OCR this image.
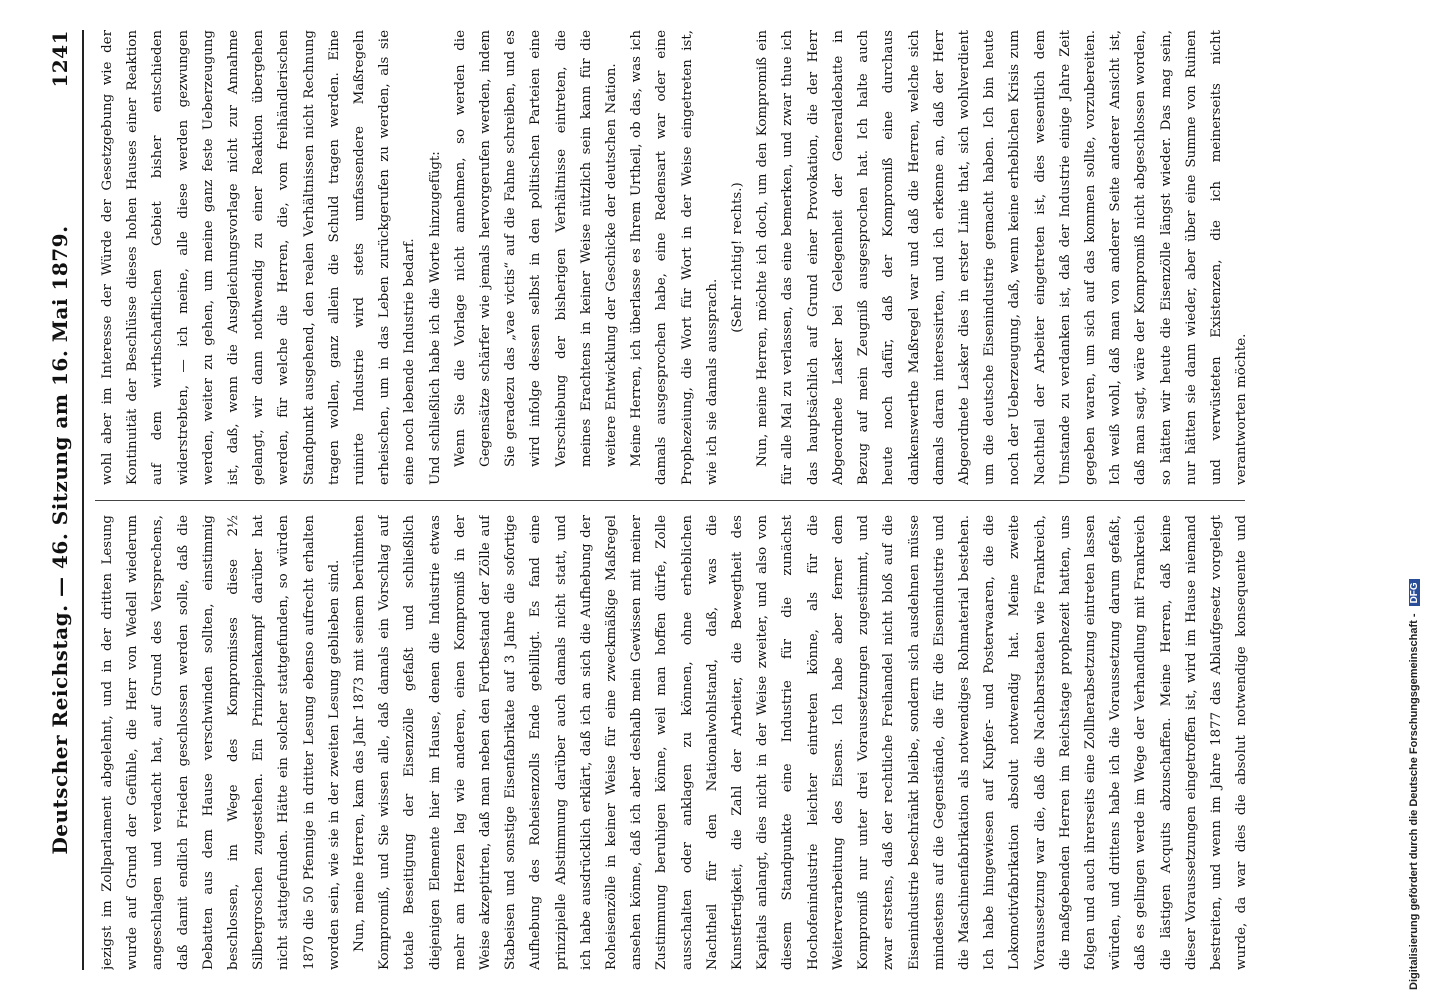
Deutscher Reichstag. — 46. Sitzung am 16. Mai 1879.
1241

jezigst im Zollparlament abgelehnt, und in der dritten Lesung wurde auf Grund der Gefühle, die Herr von Wedell wiederum angeschlagen und verdacht hat, auf Grund des Versprechens, daß damit endlich Frieden geschlossen werden solle, daß die Debatten aus dem Hause verschwinden sollten, einstimmig beschlossen, im Wege des Kompromisses diese 2½ Silbergroschen zugestehen. Ein Prinzipienkampf darüber hat nicht stattgefunden. Hätte ein solcher stattgefunden, so würden 1870 die 50 Pfennige in dritter Lesung ebenso aufrecht erhalten worden sein, wie sie in der zweiten Lesung geblieben sind. Nun, meine Herren, kam das Jahr 1873 mit seinem berühmten Kompromiß, und Sie wissen alle, daß damals ein Vorschlag auf totale Beseitigung der Eisenzölle gefaßt und schließlich diejenigen Elemente hier im Hause, denen die Industrie etwas mehr am Herzen lag wie anderen, einen Kompromiß in der Weise akzeptirten, daß man neben den Fortbestand der Zölle auf Stabeisen und sonstige Eisenfabrikate auf 3 Jahre die sofortige Aufhebung des Roheisenzolls Ende gebilligt. Es fand eine prinzipielle Abstimmung darüber auch damals nicht statt, und ich habe ausdrücklich erklärt, daß ich an sich die Aufhebung der Roheisenzölle in keiner Weise für eine zweckmäßige Maßregel ansehen könne, daß ich aber deshalb mein Gewissen mit meiner Zustimmung beruhigen könne, weil man hoffen dürfe, Zolle ausschalten oder anklagen zu können, ohne erheblichen Nachtheil für den Nationalwohlstand, daß, was die Kunstfertigkeit, die Zahl der Arbeiter, die Bewegtheit des Kapitals anlangt, dies nicht in der Weise zweiter, und also von diesem Standpunkte eine Industrie für die zunächst Hochofenindustrie leichter eintreten könne, als für die Weiterverarbeitung des Eisens. Ich habe aber ferner dem Kompromiß nur unter drei Voraussetzungen zugestimmt, und zwar erstens, daß der rechtliche Freihandel nicht bloß auf die Eisenindustrie beschränkt bleibe, sondern sich ausdehnen müsse mindestens auf die Gegenstände, die für die Eisenindustrie und die Maschinenfabrikation als notwendiges Rohmaterial bestehen. Ich habe hingewiesen auf Kupfer- und Posterwaaren, die die Lokomotivfabrikation absolut notwendig hat. Meine zweite Voraussetzung war die, daß die Nachbarstaaten wie Frankreich, die maßgebenden Herren im Reichstage prophezeit hatten, uns folgen und auch ihrerseits eine Zollherabsetzung eintreten lassen würden, und drittens habe ich die Voraussetzung darum gefaßt, daß es gelingen werde im Wege der Verhandlung mit Frankreich die lästigen Acquits abzuschaffen. Meine Herren, daß keine dieser Voraussetzungen eingetroffen ist, wird im Hause niemand bestreiten, und wenn im Jahre 1877 das Ablaufgesetz vorgelegt wurde, da war dies die absolut notwendige konsequente und

wohl aber im Interesse der Würde der Gesetzgebung wie der Kontinuität der Beschlüsse dieses hohen Hauses einer Reaktion auf dem wirthschaftlichen Gebiet bisher entschieden widerstrebten, — ich meine, alle diese werden gezwungen werden, weiter zu gehen, um meine ganz feste Ueberzeugung ist, daß, wenn die Ausgleichungsvorlage nicht zur Annahme gelangt, wir dann nothwendig zu einer Reaktion übergehen werden, für welche die Herren, die, vom freihändlerischen Standpunkt ausgehend, den realen Verhältnissen nicht Rechnung tragen wollen, ganz allein die Schuld tragen werden. Eine ruinirte Industrie wird stets umfassendere Maßregeln erheischen, um in das Leben zurückgerufen zu werden, als sie eine noch lebende Industrie bedarf. Und schließlich habe ich die Worte hinzugefügt: Wenn Sie die Vorlage nicht annehmen, so werden die Gegensätze schärfer wie jemals hervorgerufen werden, indem Sie geradezu das „vae victis“ auf die Fahne schreiben, und es wird infolge dessen selbst in den politischen Parteien eine Verschiebung der bisherigen Verhältnisse eintreten, die meines Erachtens in keiner Weise nützlich sein kann für die weitere Entwicklung der Geschicke der deutschen Nation. Meine Herren, ich überlasse es Ihrem Urtheil, ob das, was ich damals ausgesprochen habe, eine Redensart war oder eine Prophezeiung, die Wort für Wort in der Weise eingetreten ist, wie ich sie damals aussprach.

(Sehr richtig! rechts.) Nun, meine Herren, möchte ich doch, um den Kompromiß ein für alle Mal zu verlassen, das eine bemerken, und zwar thue ich das hauptsächlich auf Grund einer Provokation, die der Herr Abgeordnete Lasker bei Gelegenheit der Generaldebatte in Bezug auf mein Zeugniß ausgesprochen hat. Ich halte auch heute noch dafür, daß der Kompromiß eine durchaus dankenswerthe Maßregel war und daß die Herren, welche sich damals daran interessirten, und ich erkenne an, daß der Herr Abgeordnete Lasker dies in erster Linie that, sich wohlverdient um die deutsche Eisenindustrie gemacht haben. Ich bin heute noch der Ueberzeugung, daß, wenn keine erheblichen Krisis zum Nachtheil der Arbeiter eingetreten ist, dies wesentlich dem Umstande zu verdanken ist, daß der Industrie einige Jahre Zeit gegeben waren, um sich auf das kommen sollte, vorzubereiten. Ich weiß wohl, daß man von anderer Seite anderer Ansicht ist, daß man sagt, wäre der Kompromiß nicht abgeschlossen worden, so hätten wir heute die Eisenzölle längst wieder. Das mag sein, nur hätten sie dann wieder, aber über eine Summe von Ruinen und verwüsteten Existenzen, die ich meinerseits nicht verantworten möchte.

Digitalisierung gefördert durch die Deutsche Forschungsgemeinschaft - DFG
